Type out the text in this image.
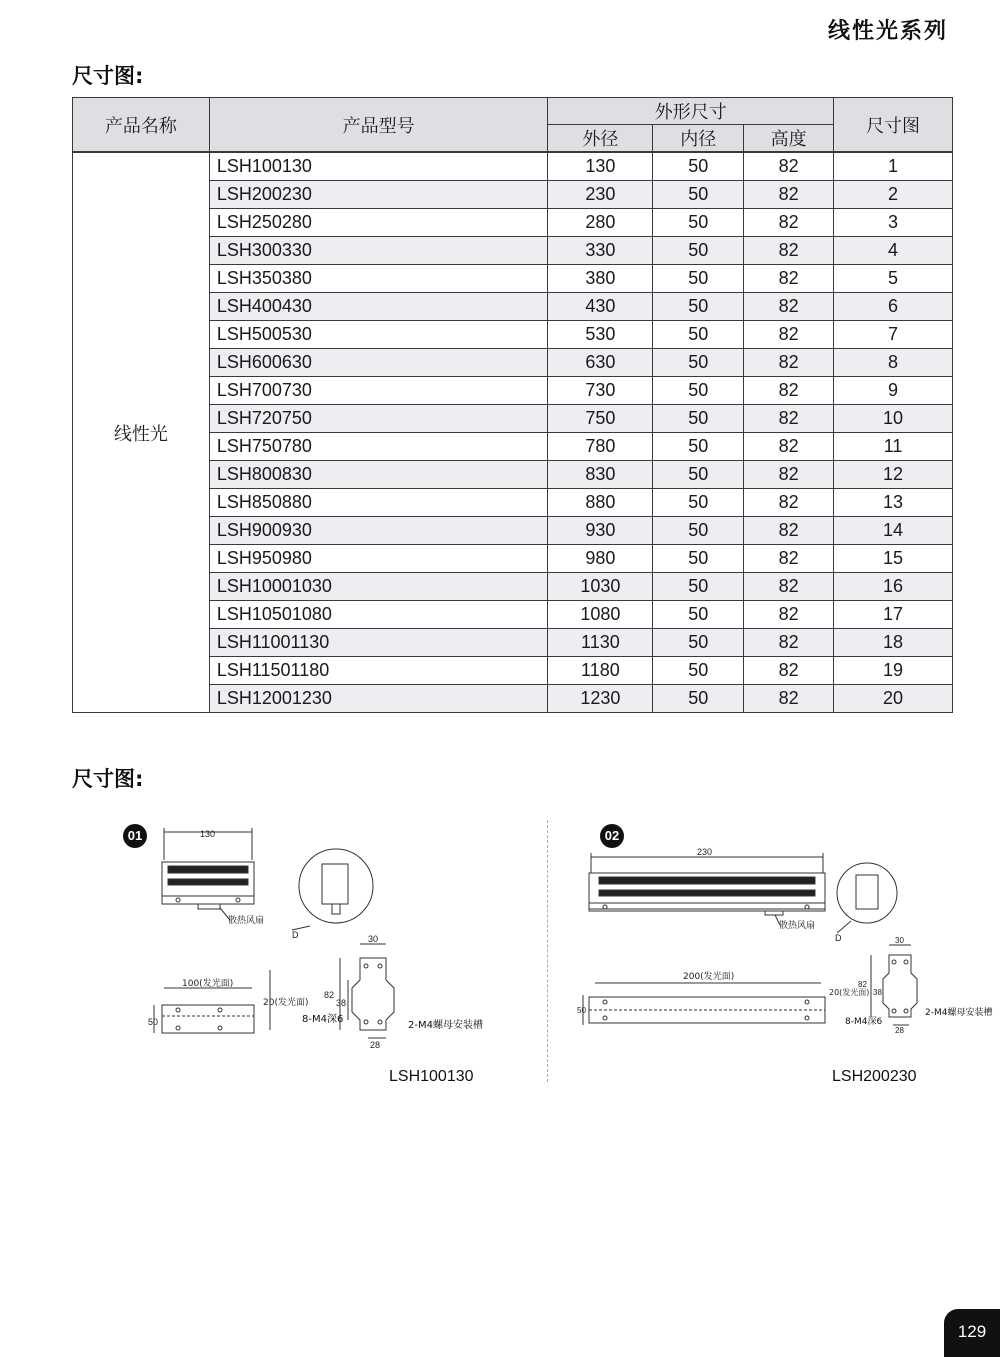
线性光系列
尺寸图:
产品名称	产品型号	外形尺寸			尺寸图
		外径	内径	高度	
线性光	LSH100130	130	50	82	1
	LSH200230	230	50	82	2
	LSH250280	280	50	82	3
	LSH300330	330	50	82	4
	LSH350380	380	50	82	5
	LSH400430	430	50	82	6
	LSH500530	530	50	82	7
	LSH600630	630	50	82	8
	LSH700730	730	50	82	9
	LSH720750	750	50	82	10
	LSH750780	780	50	82	11
	LSH800830	830	50	82	12
	LSH850880	880	50	82	13
	LSH900930	930	50	82	14
	LSH950980	980	50	82	15
	LSH10001030	1030	50	82	16
	LSH10501080	1080	50	82	17
	LSH11001130	1130	50	82	18
	LSH11501180	1180	50	82	19
	LSH12001230	1230	50	82	20
尺寸图:
01	130
散热风扇
D
100(发光面)
50
20(发光面)
30
82
38
28
8-M4深6
2-M4螺母安装槽
LSH100130
02
230
散热风扇
D
200(发光面)
50
20(发光面)
30
82
38
28
8-M4深6
2-M4螺母安装槽
LSH200230
129
